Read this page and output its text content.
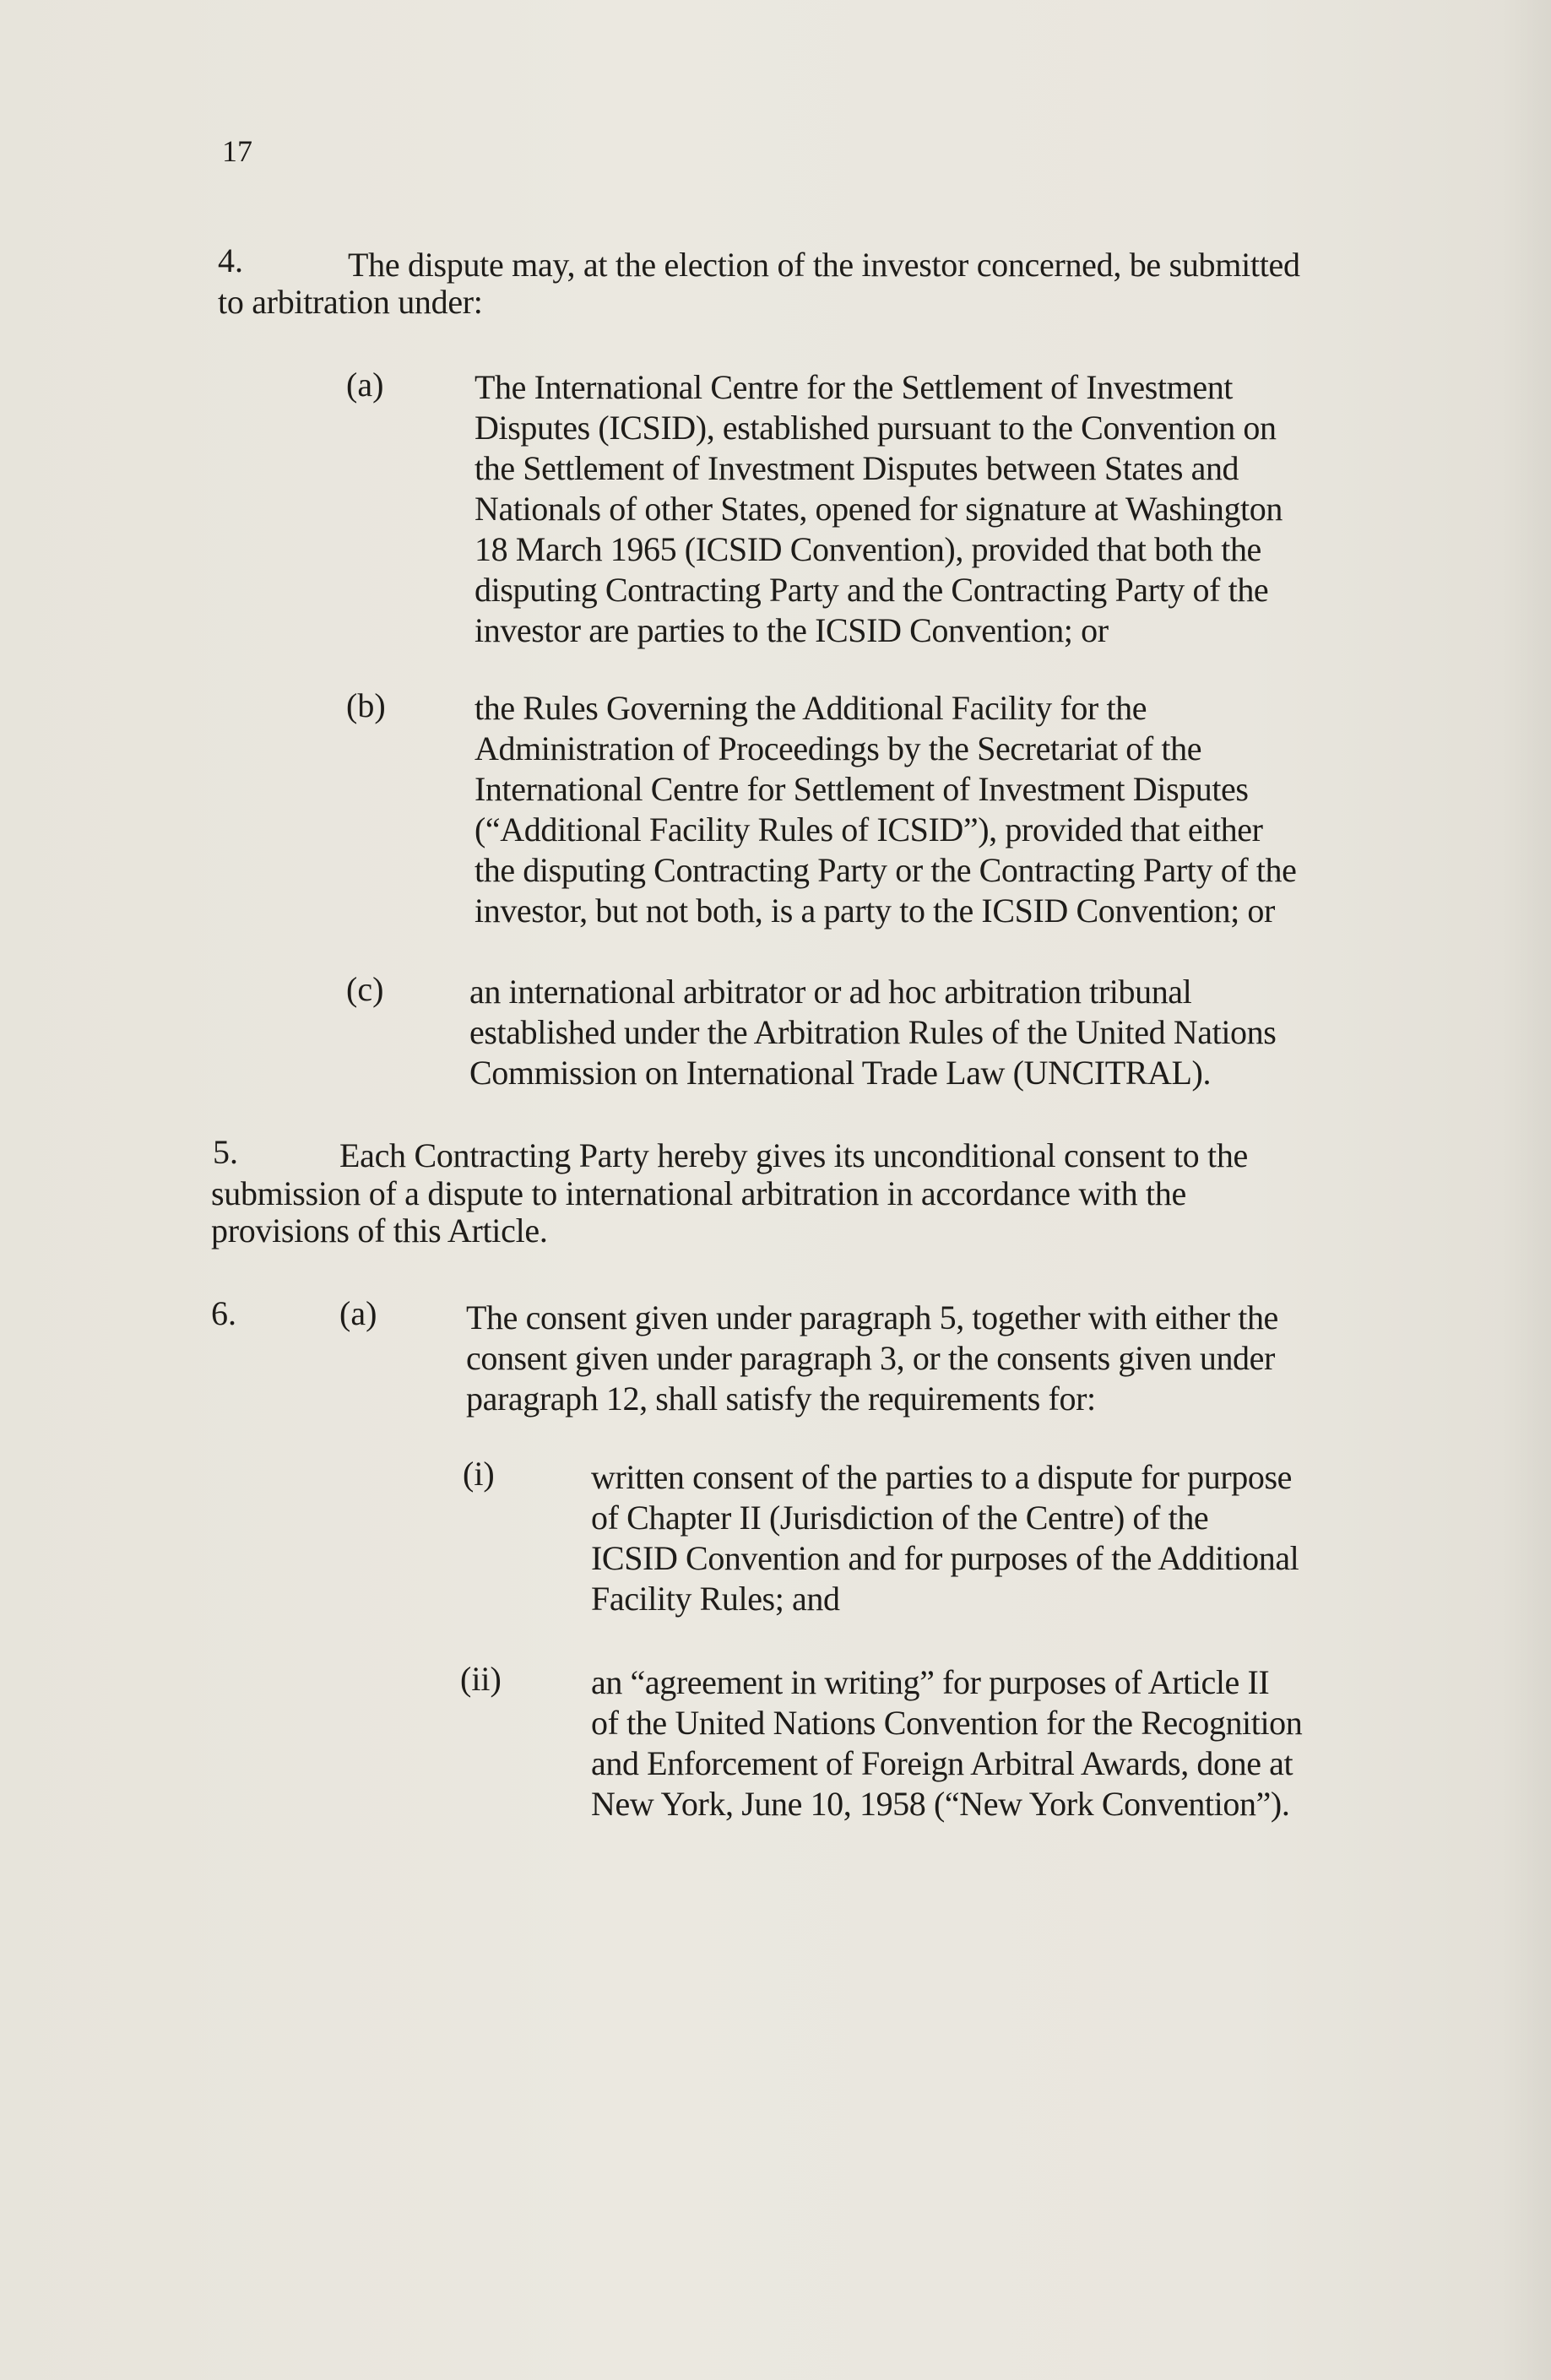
17
4.	The dispute may, at the election of the investor concerned, be submitted
to arbitration under:
(a)	The International Centre for the Settlement of Investment
Disputes (ICSID), established pursuant to the Convention on
the Settlement of Investment Disputes between States and
Nationals of other States, opened for signature at Washington
18 March 1965 (ICSID Convention), provided that both the
disputing Contracting Party and the Contracting Party of the
investor are parties to the ICSID Convention; or
(b)	the Rules Governing the Additional Facility for the
Administration of Proceedings by the Secretariat of the
International Centre for Settlement of Investment Disputes
(“Additional Facility Rules of ICSID”), provided that either
the disputing Contracting Party or the Contracting Party of the
investor, but not both, is a party to the ICSID Convention; or
(c)	an international arbitrator or ad hoc arbitration tribunal
established under the Arbitration Rules of the United Nations
Commission on International Trade Law (UNCITRAL).
5.	Each Contracting Party hereby gives its unconditional consent to the
submission of a dispute to international arbitration in accordance with the
provisions of this Article.
6.	(a)	The consent given under paragraph 5, together with either the
consent given under paragraph 3, or the consents given under
paragraph 12, shall satisfy the requirements for:
(i)	written consent of the parties to a dispute for purpose
of Chapter II (Jurisdiction of the Centre) of the
ICSID Convention and for purposes of the Additional
Facility Rules; and
(ii)	an “agreement in writing” for purposes of Article II
of the United Nations Convention for the Recognition
and Enforcement of Foreign Arbitral Awards, done at
New York, June 10, 1958 (“New York Convention”).
